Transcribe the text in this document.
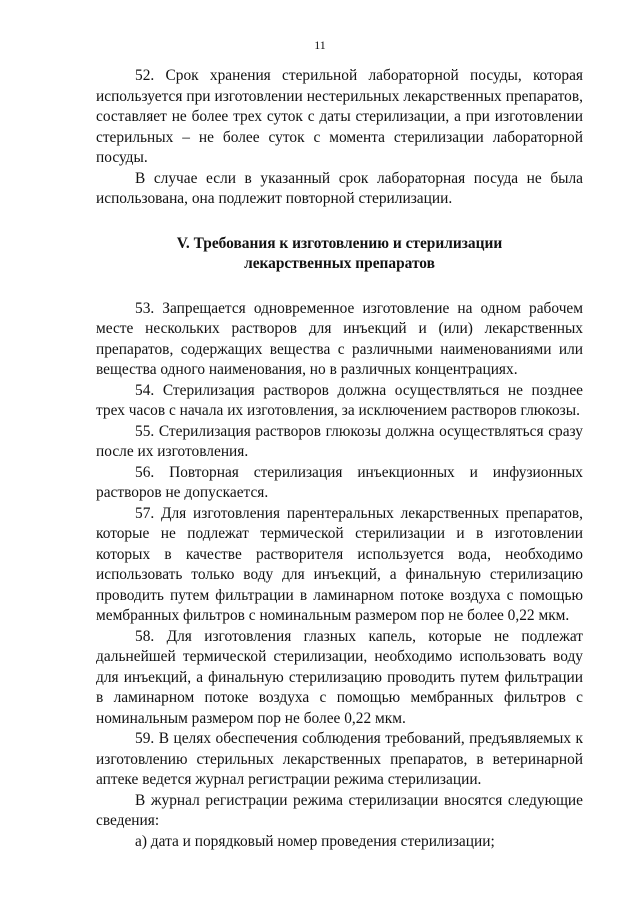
11

52. Срок хранения стерильной лабораторной посуды, которая используется при изготовлении нестерильных лекарственных препаратов, составляет не более трех суток с даты стерилизации, а при изготовлении стерильных – не более суток с момента стерилизации лабораторной посуды.

В случае если в указанный срок лабораторная посуда не была использована, она подлежит повторной стерилизации.

V. Требования к изготовлению и стерилизации
лекарственных препаратов

53. Запрещается одновременное изготовление на одном рабочем месте нескольких растворов для инъекций и (или) лекарственных препаратов, содержащих вещества с различными наименованиями или вещества одного наименования, но в различных концентрациях.

54. Стерилизация растворов должна осуществляться не позднее трех часов с начала их изготовления, за исключением растворов глюкозы.

55. Стерилизация растворов глюкозы должна осуществляться сразу после их изготовления.

56. Повторная стерилизация инъекционных и инфузионных растворов не допускается.

57. Для изготовления парентеральных лекарственных препаратов, которые не подлежат термической стерилизации и в изготовлении которых в качестве растворителя используется вода, необходимо использовать только воду для инъекций, а финальную стерилизацию проводить путем фильтрации в ламинарном потоке воздуха с помощью мембранных фильтров с номинальным размером пор не более 0,22 мкм.

58. Для изготовления глазных капель, которые не подлежат дальнейшей термической стерилизации, необходимо использовать воду для инъекций, а финальную стерилизацию проводить путем фильтрации в ламинарном потоке воздуха с помощью мембранных фильтров с номинальным размером пор не более 0,22 мкм.

59. В целях обеспечения соблюдения требований, предъявляемых к изготовлению стерильных лекарственных препаратов, в ветеринарной аптеке ведется журнал регистрации режима стерилизации.

В журнал регистрации режима стерилизации вносятся следующие сведения:

а) дата и порядковый номер проведения стерилизации;
